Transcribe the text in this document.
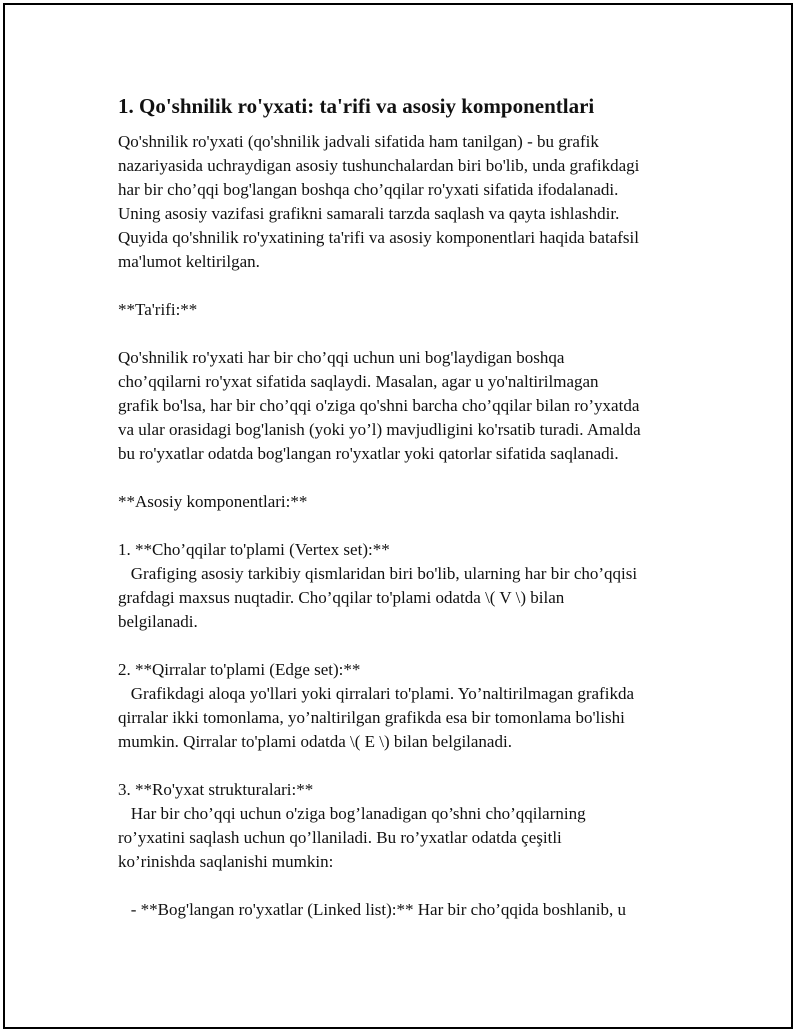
1. Qo'shnilik ro'yxati: ta'rifi va asosiy komponentlari

Qo'shnilik ro'yxati (qo'shnilik jadvali sifatida ham tanilgan) - bu grafik
nazariyasida uchraydigan asosiy tushunchalardan biri bo'lib, unda grafikdagi
har bir cho’qqi bog'langan boshqa cho’qqilar ro'yxati sifatida ifodalanadi.
Uning asosiy vazifasi grafikni samarali tarzda saqlash va qayta ishlashdir.
Quyida qo'shnilik ro'yxatining ta'rifi va asosiy komponentlari haqida batafsil
ma'lumot keltirilgan.

**Ta'rifi:**

Qo'shnilik ro'yxati har bir cho’qqi uchun uni bog'laydigan boshqa
cho’qqilarni ro'yxat sifatida saqlaydi. Masalan, agar u yo'naltirilmagan
grafik bo'lsa, har bir cho’qqi o'ziga qo'shni barcha cho’qqilar bilan ro’yxatda
va ular orasidagi bog'lanish (yoki yo’l) mavjudligini ko'rsatib turadi. Amalda
bu ro'yxatlar odatda bog'langan ro'yxatlar yoki qatorlar sifatida saqlanadi.

**Asosiy komponentlari:**

1. **Cho’qqilar to'plami (Vertex set):**
Grafiging asosiy tarkibiy qismlaridan biri bo'lib, ularning har bir cho’qqisi
grafdagi maxsus nuqtadir. Cho’qqilar to'plami odatda \( V \) bilan
belgilanadi.

2. **Qirralar to'plami (Edge set):**
Grafikdagi aloqa yo'llari yoki qirralari to'plami. Yo’naltirilmagan grafikda
qirralar ikki tomonlama, yo’naltirilgan grafikda esa bir tomonlama bo'lishi
mumkin. Qirralar to'plami odatda \( E \) bilan belgilanadi.

3. **Ro'yxat strukturalari:**
Har bir cho’qqi uchun o'ziga bog’lanadigan qo’shni cho’qqilarning
ro’yxatini saqlash uchun qo’llaniladi. Bu ro’yxatlar odatda çeşitli
ko’rinishda saqlanishi mumkin:

- **Bog'langan ro'yxatlar (Linked list):** Har bir cho’qqida boshlanib, u
